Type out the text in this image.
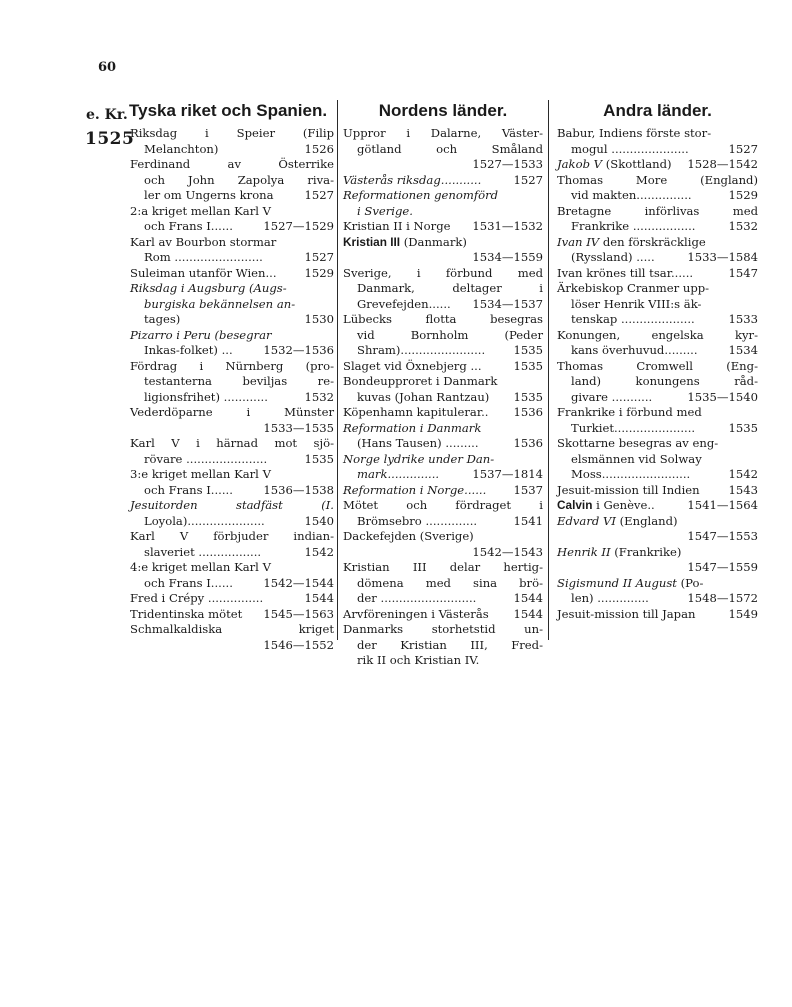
60
e. Kr.
1525
Tyska riket och Spanien.
Riksdag i Speier (Filip
1526
Melanchton)
Ferdinand av Österrike
och John Zapolya riva-
1527
ler om Ungerns krona
2:a kriget mellan Karl V
1527—1529
och Frans I......
Karl av Bourbon stormar
1527
Rom ........................
1529
Suleiman utanför Wien...
Riksdag i Augsburg (Augs-
burgiska bekännelsen an-
1530
tages)
Pizarro i Peru (besegrar
1532—1536
Inkas-folket) ...
Fördrag i Nürnberg (pro-
testanterna beviljas re-
1532
ligionsfrihet) ............
Vederdöparne i Münster
1533—1535
Karl V i härnad mot sjö-
1535
rövare ......................
3:e kriget mellan Karl V
1536—1538
och Frans I......
Jesuitorden stadfäst (I.
1540
Loyola).....................
Karl V förbjuder indian-
1542
slaveriet .................
4:e kriget mellan Karl V
1542—1544
och Frans I......
1544
Fred i Crépy ...............
1545—1563
Tridentinska mötet
Schmalkaldiska kriget
1546—1552
Nordens länder.
Uppror i Dalarne, Väster-
götland och Småland
1527—1533
1527
Västerås riksdag...........
Reformationen genomförd
i Sverige.
1531—1532
Kristian II i Norge
Kristian III (Danmark)
1534—1559
Sverige, i förbund med
Danmark, deltager i
1534—1537
Grevefejden......
Lübecks flotta besegras
vid Bornholm (Peder
1535
Shram).......................
1535
Slaget vid Öxnebjerg ...
Bondeupproret i Danmark
1535
kuvas (Johan Rantzau)
1536
Köpenhamn kapitulerar..
Reformation i Danmark
1536
(Hans Tausen) .........
Norge lydrike under Dan-
1537—1814
mark..............
1537
Reformation i Norge......
Mötet och fördraget i
1541
Brömsebro ..............
Dackefejden (Sverige)
1542—1543
Kristian III delar hertig-
dömena med sina brö-
1544
der ..........................
1544
Arvföreningen i Västerås
Danmarks storhetstid un-
der Kristian III, Fred-
rik II och Kristian IV.
Andra länder.
Babur, Indiens förste stor-
1527
mogul .....................
1528—1542
Jakob V (Skottland)
Thomas More (England)
1529
vid makten...............
Bretagne införlivas med
1532
Frankrike .................
Ivan IV den förskräcklige
1533—1584
(Ryssland) .....
1547
Ivan krönes till tsar......
Ärkebiskop Cranmer upp-
löser Henrik VIII:s äk-
1533
tenskap ....................
Konungen, engelska kyr-
1534
kans överhuvud.........
Thomas Cromwell (Eng-
land) konungens råd-
1535—1540
givare ...........
Frankrike i förbund med
1535
Turkiet......................
Skottarne besegras av eng-
elsmännen vid Solway
1542
Moss........................
1543
Jesuit-mission till Indien
1541—1564
Calvin i Genève..
Edvard VI (England)
1547—1553
Henrik II (Frankrike)
1547—1559
Sigismund II August (Po-
1548—1572
len) ..............
1549
Jesuit-mission till Japan
